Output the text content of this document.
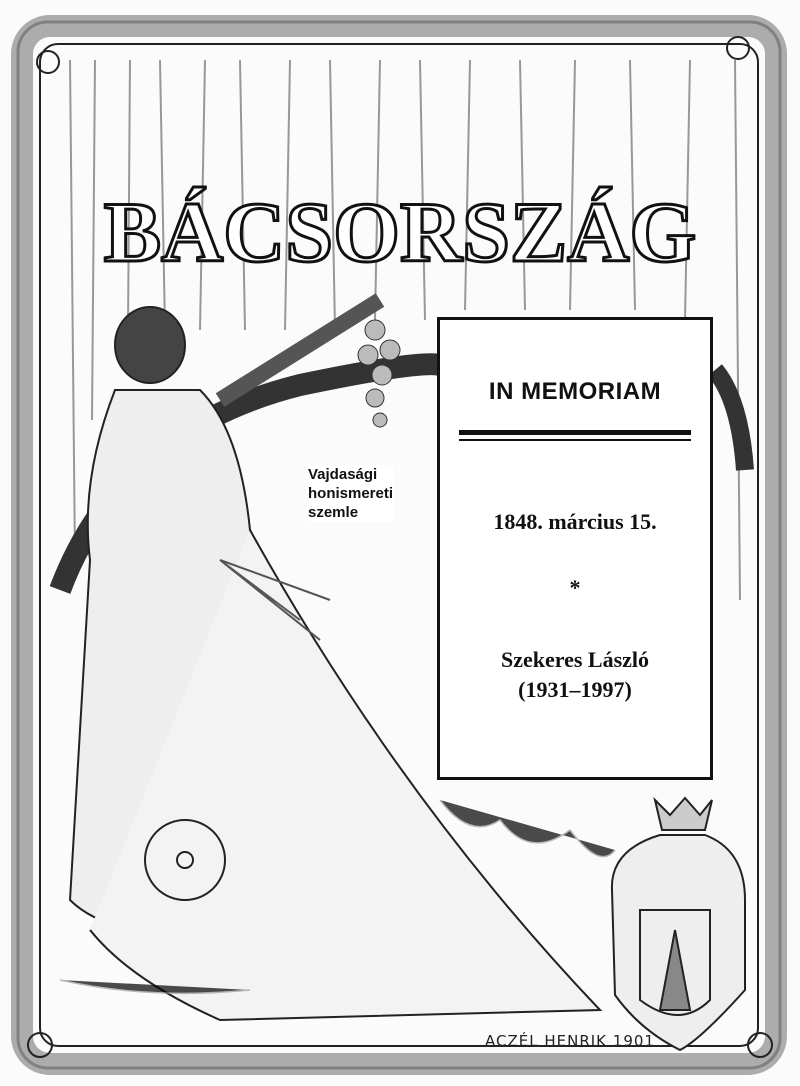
BÁCSORSZÁG
Vajdasági
honismereti
szemle
IN MEMORIAM
1848. március 15.
*
Szekeres László
(1931–1997)
ACZÉL HENRIK 1901
